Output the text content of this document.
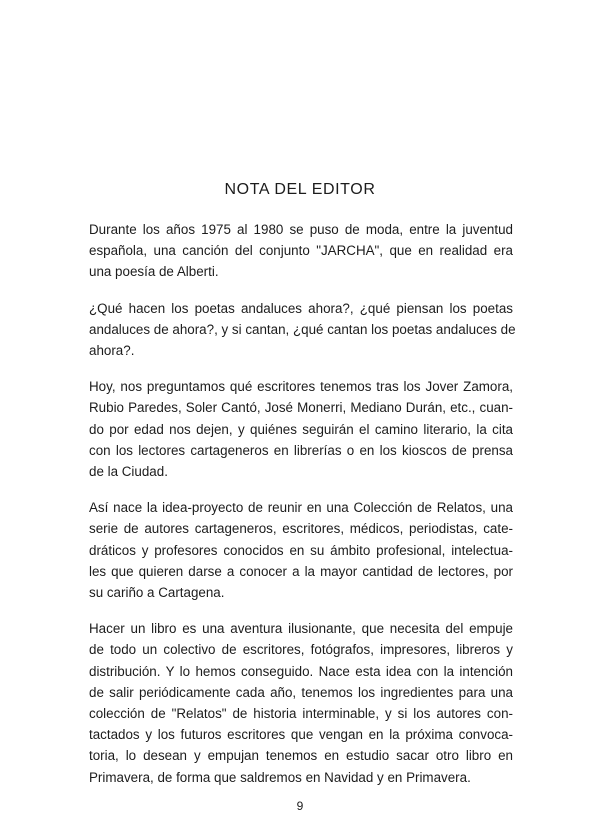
NOTA DEL EDITOR

Durante los años 1975 al 1980 se puso de moda, entre la juventud
española, una canción del conjunto "JARCHA", que en realidad era
una poesía de Alberti.

¿Qué hacen los poetas andaluces ahora?, ¿qué piensan los poetas
andaluces de ahora?, y si cantan, ¿qué cantan los poetas andaluces de
ahora?.

Hoy, nos preguntamos qué escritores tenemos tras los Jover Zamora,
Rubio Paredes, Soler Cantó, José Monerri, Mediano Durán, etc., cuan-
do por edad nos dejen, y quiénes seguirán el camino literario, la cita
con los lectores cartageneros en librerías o en los kioscos de prensa
de la Ciudad.

Así nace la idea-proyecto de reunir en una Colección de Relatos, una
serie de autores cartageneros, escritores, médicos, periodistas, cate-
dráticos y profesores conocidos en su ámbito profesional, intelectua-
les que quieren darse a conocer a la mayor cantidad de lectores, por
su cariño a Cartagena.

Hacer un libro es una aventura ilusionante, que necesita del empuje
de todo un colectivo de escritores, fotógrafos, impresores, libreros y
distribución. Y lo hemos conseguido. Nace esta idea con la intención
de salir periódicamente cada año, tenemos los ingredientes para una
colección de "Relatos" de historia interminable, y si los autores con-
tactados y los futuros escritores que vengan en la próxima convoca-
toria, lo desean y empujan tenemos en estudio sacar otro libro en
Primavera, de forma que saldremos en Navidad y en Primavera.

9
